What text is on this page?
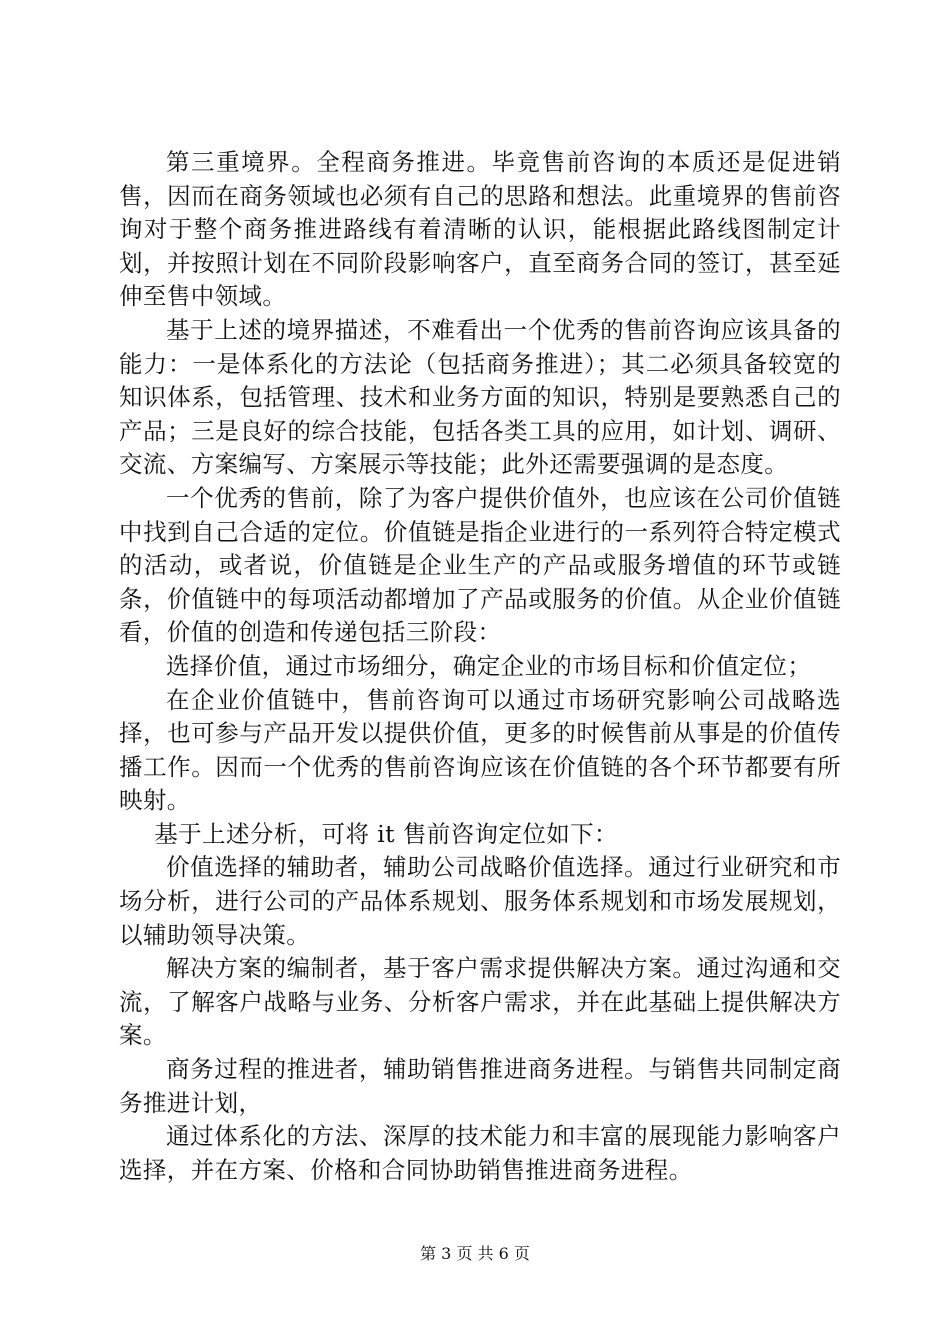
第三重境界。全程商务推进。毕竟售前咨询的本质还是促进销售，因而在商务领域也必须有自己的思路和想法。此重境界的售前咨询对于整个商务推进路线有着清晰的认识，能根据此路线图制定计划，并按照计划在不同阶段影响客户，直至商务合同的签订，甚至延伸至售中领域。

基于上述的境界描述，不难看出一个优秀的售前咨询应该具备的能力：一是体系化的方法论（包括商务推进）；其二必须具备较宽的知识体系，包括管理、技术和业务方面的知识，特别是要熟悉自己的产品；三是良好的综合技能，包括各类工具的应用，如计划、调研、交流、方案编写、方案展示等技能；此外还需要强调的是态度。

一个优秀的售前，除了为客户提供价值外，也应该在公司价值链中找到自己合适的定位。价值链是指企业进行的一系列符合特定模式的活动，或者说，价值链是企业生产的产品或服务增值的环节或链条，价值链中的每项活动都增加了产品或服务的价值。从企业价值链看，价值的创造和传递包括三阶段：

选择价值，通过市场细分，确定企业的市场目标和价值定位；

在企业价值链中，售前咨询可以通过市场研究影响公司战略选择，也可参与产品开发以提供价值，更多的时候售前从事是的价值传播工作。因而一个优秀的售前咨询应该在价值链的各个环节都要有所映射。

基于上述分析，可将 it 售前咨询定位如下：

价值选择的辅助者，辅助公司战略价值选择。通过行业研究和市场分析，进行公司的产品体系规划、服务体系规划和市场发展规划，以辅助领导决策。

解决方案的编制者，基于客户需求提供解决方案。通过沟通和交流，了解客户战略与业务、分析客户需求，并在此基础上提供解决方案。

商务过程的推进者，辅助销售推进商务进程。与销售共同制定商务推进计划，

通过体系化的方法、深厚的技术能力和丰富的展现能力影响客户选择，并在方案、价格和合同协助销售推进商务进程。

第 3 页 共 6 页
